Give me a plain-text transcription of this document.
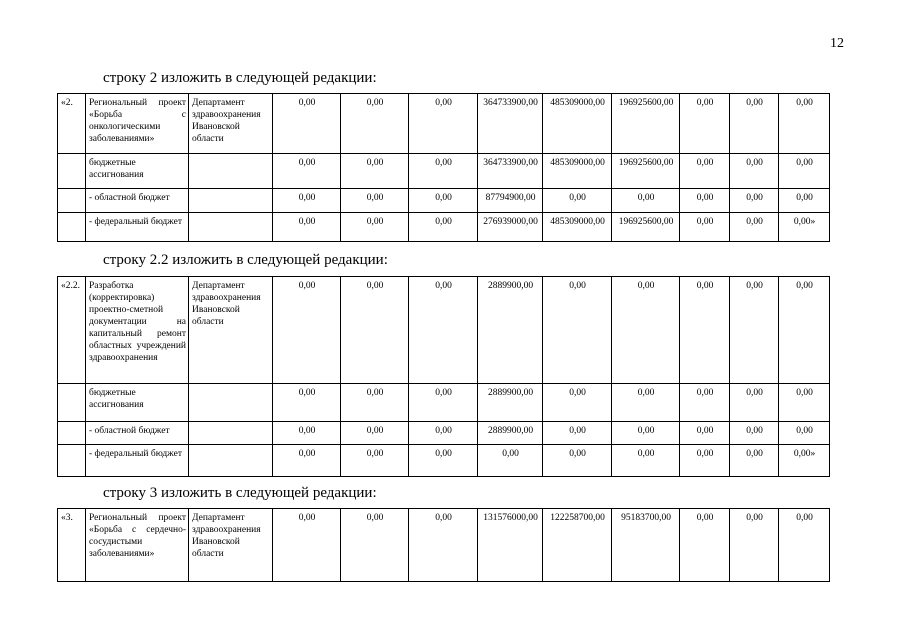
12
строку 2 изложить в следующей редакции:
«2.	Региональный проект «Борьба с онкологическими заболеваниями»	Департамент здравоохранения Ивановской области	0,00	0,00	0,00	364733900,00	485309000,00	196925600,00	0,00	0,00	0,00
	бюджетные ассигнования		0,00	0,00	0,00	364733900,00	485309000,00	196925600,00	0,00	0,00	0,00
	- областной бюджет		0,00	0,00	0,00	87794900,00	0,00	0,00	0,00	0,00	0,00
	- федеральный бюджет		0,00	0,00	0,00	276939000,00	485309000,00	196925600,00	0,00	0,00	0,00»
строку 2.2 изложить в следующей редакции:
«2.2.	Разработка (корректировка) проектно-сметной документации на капитальный ремонт областных учреждений здравоохранения	Департамент здравоохранения Ивановской области	0,00	0,00	0,00	2889900,00	0,00	0,00	0,00	0,00	0,00
	бюджетные ассигнования		0,00	0,00	0,00	2889900,00	0,00	0,00	0,00	0,00	0,00
	- областной бюджет		0,00	0,00	0,00	2889900,00	0,00	0,00	0,00	0,00	0,00
	- федеральный бюджет		0,00	0,00	0,00	0,00	0,00	0,00	0,00	0,00	0,00»
строку 3 изложить в следующей редакции:
«3.	Региональный проект «Борьба с сердечно-сосудистыми заболеваниями»	Департамент здравоохранения Ивановской области	0,00	0,00	0,00	131576000,00	122258700,00	95183700,00	0,00	0,00	0,00
